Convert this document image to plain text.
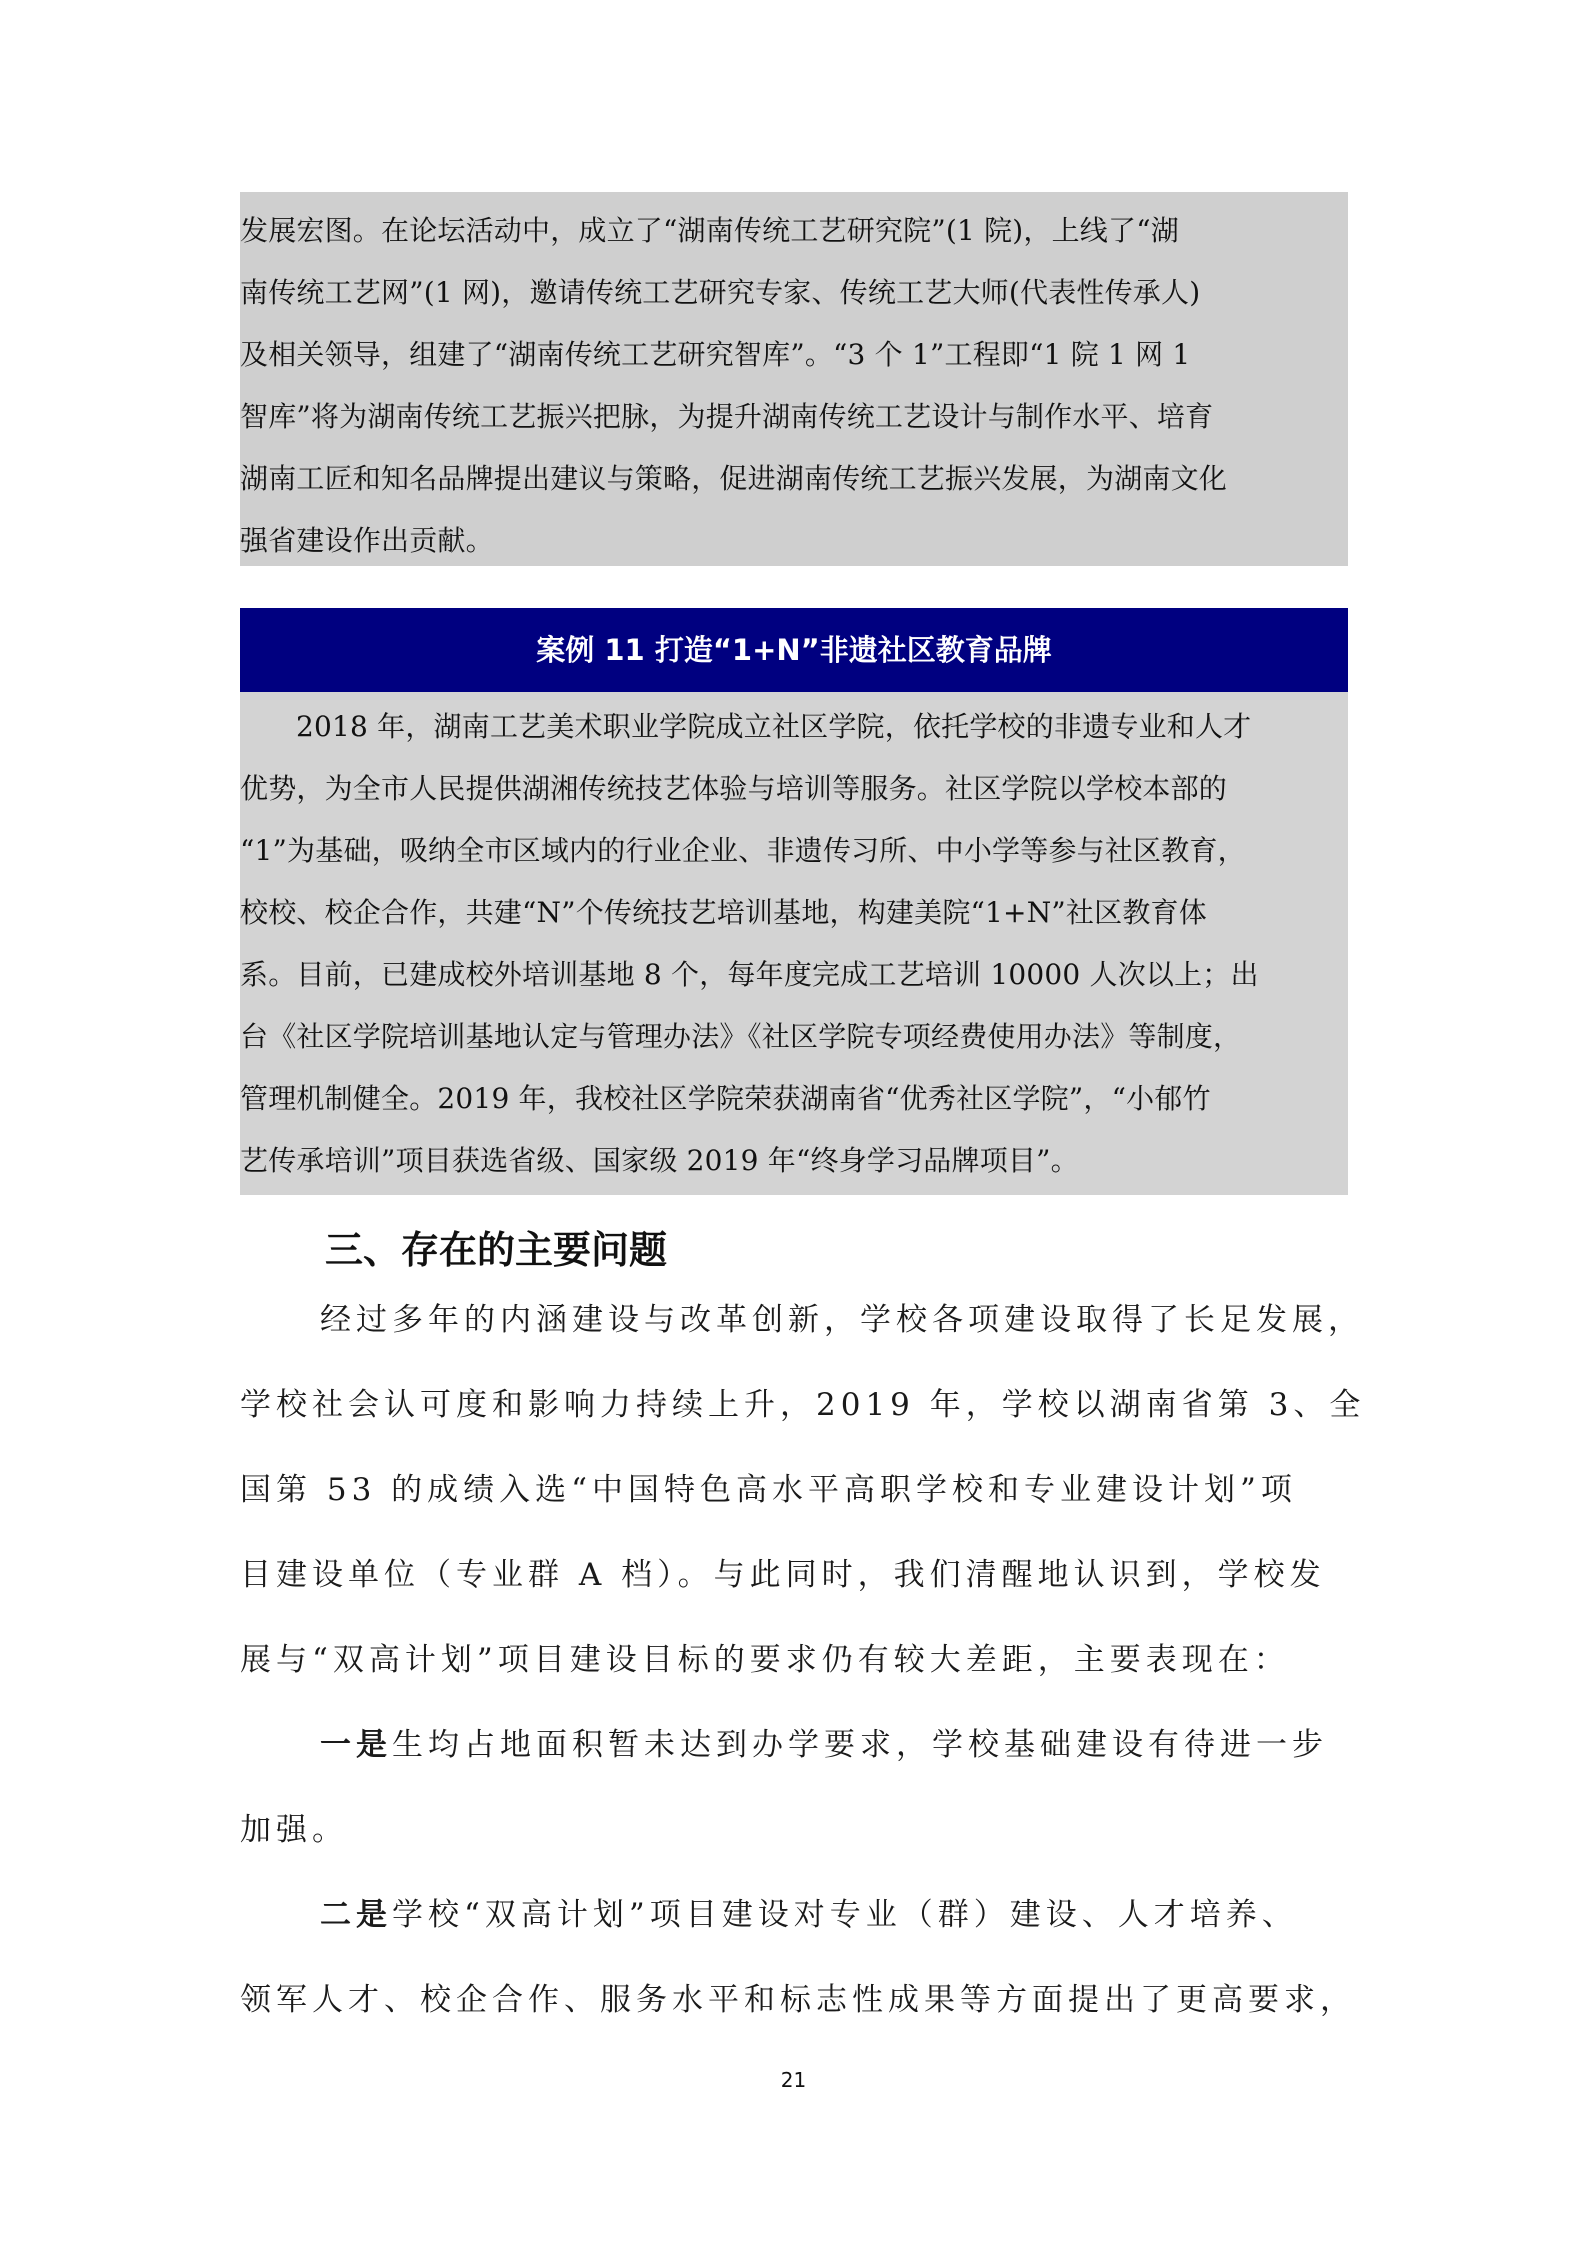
发展宏图。在论坛活动中，成立了“湖南传统工艺研究院”(1 院)，上线了“湖
南传统工艺网”(1 网)，邀请传统工艺研究专家、传统工艺大师(代表性传承人)
及相关领导，组建了“湖南传统工艺研究智库”。“3 个 1”工程即“1 院 1 网 1
智库”将为湖南传统工艺振兴把脉，为提升湖南传统工艺设计与制作水平、培育
湖南工匠和知名品牌提出建议与策略，促进湖南传统工艺振兴发展，为湖南文化
强省建设作出贡献。
案例 11 打造“1+N”非遗社区教育品牌
2018 年，湖南工艺美术职业学院成立社区学院，依托学校的非遗专业和人才
优势，为全市人民提供湖湘传统技艺体验与培训等服务。社区学院以学校本部的
“1”为基础，吸纳全市区域内的行业企业、非遗传习所、中小学等参与社区教育，
校校、校企合作，共建“N”个传统技艺培训基地，构建美院“1+N”社区教育体
系。目前，已建成校外培训基地 8 个，每年度完成工艺培训 10000 人次以上；出
台《社区学院培训基地认定与管理办法》《社区学院专项经费使用办法》等制度，
管理机制健全。2019 年，我校社区学院荣获湖南省“优秀社区学院”，“小郁竹
艺传承培训”项目获选省级、国家级 2019 年“终身学习品牌项目”。
三、存在的主要问题
经过多年的内涵建设与改革创新，学校各项建设取得了长足发展，
学校社会认可度和影响力持续上升，2019 年，学校以湖南省第 3、全
国第 53 的成绩入选“中国特色高水平高职学校和专业建设计划”项
目建设单位（专业群 A 档）。与此同时，我们清醒地认识到，学校发
展与“双高计划”项目建设目标的要求仍有较大差距，主要表现在：
一是生均占地面积暂未达到办学要求，学校基础建设有待进一步
加强。
二是学校“双高计划”项目建设对专业（群）建设、人才培养、
领军人才、校企合作、服务水平和标志性成果等方面提出了更高要求，
21
